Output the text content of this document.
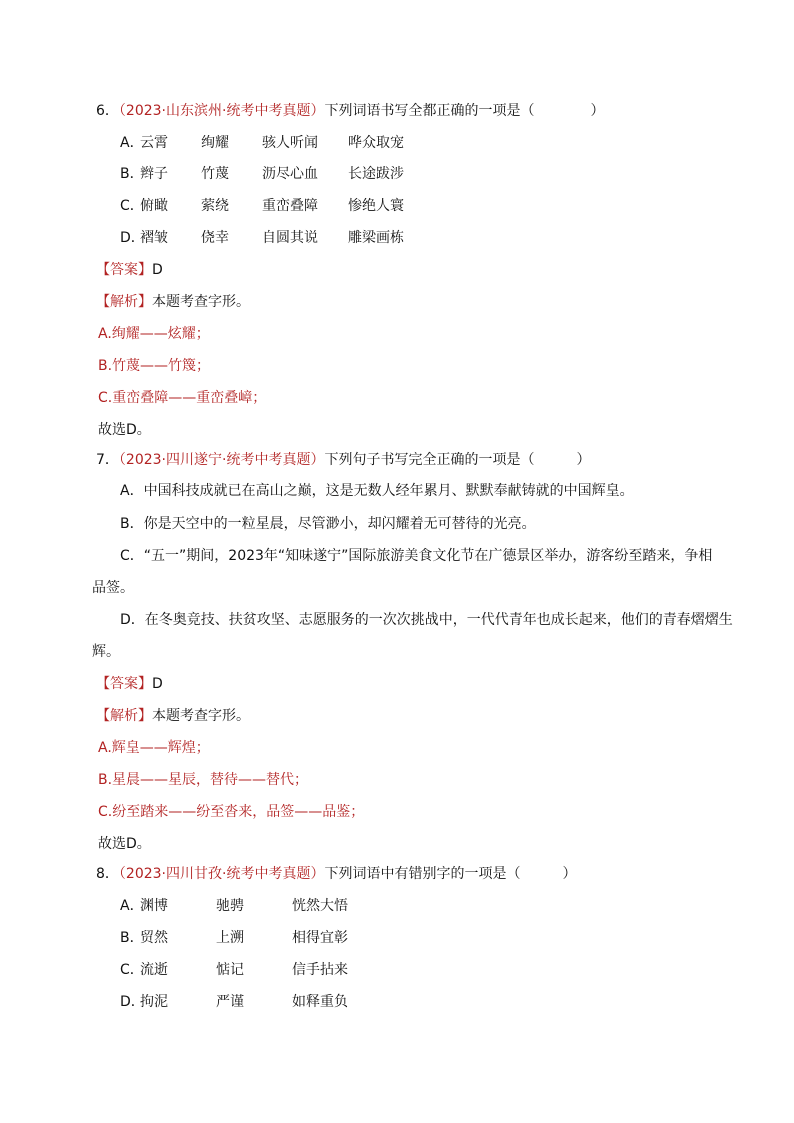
6．（2023·山东滨州·统考中考真题）下列词语书写全都正确的一项是（　　　　）
A．
云霄 绚耀 骇人听闻 哗众取宠
B．
辫子 竹蔑 沥尽心血 长途跋涉
C．
俯瞰 萦绕 重峦叠障 惨绝人寰
D．
褶皱 侥幸 自圆其说 雕梁画栋
【答案】D
【解析】本题考查字形。
A.绚耀——炫耀；
B.竹蔑——竹篾；
C.重峦叠障——重峦叠嶂；
故选D。
7．（2023·四川遂宁·统考中考真题）下列句子书写完全正确的一项是（　　　）
A．中国科技成就已在高山之巅，这是无数人经年累月、默默奉献铸就的中国辉皇。
B．你是天空中的一粒星晨，尽管渺小，却闪耀着无可替待的光亮。
C．“五一”期间，2023年“知味遂宁”国际旅游美食文化节在广德景区举办，游客纷至踏来，争相
品签。
D．在冬奥竞技、扶贫攻坚、志愿服务的一次次挑战中，一代代青年也成长起来，他们的青春熠熠生
辉。
【答案】D
【解析】本题考查字形。
A.辉皇——辉煌；
B.星晨——星辰，替待——替代；
C.纷至踏来——纷至沓来，品签——品鉴；
故选D。
8．（2023·四川甘孜·统考中考真题）下列词语中有错别字的一项是（　　　）
A．
渊博	驰骋	恍然大悟
B．
贸然	上溯	相得宜彰
C．
流逝	惦记	信手拈来
D．
拘泥	严谨	如释重负
